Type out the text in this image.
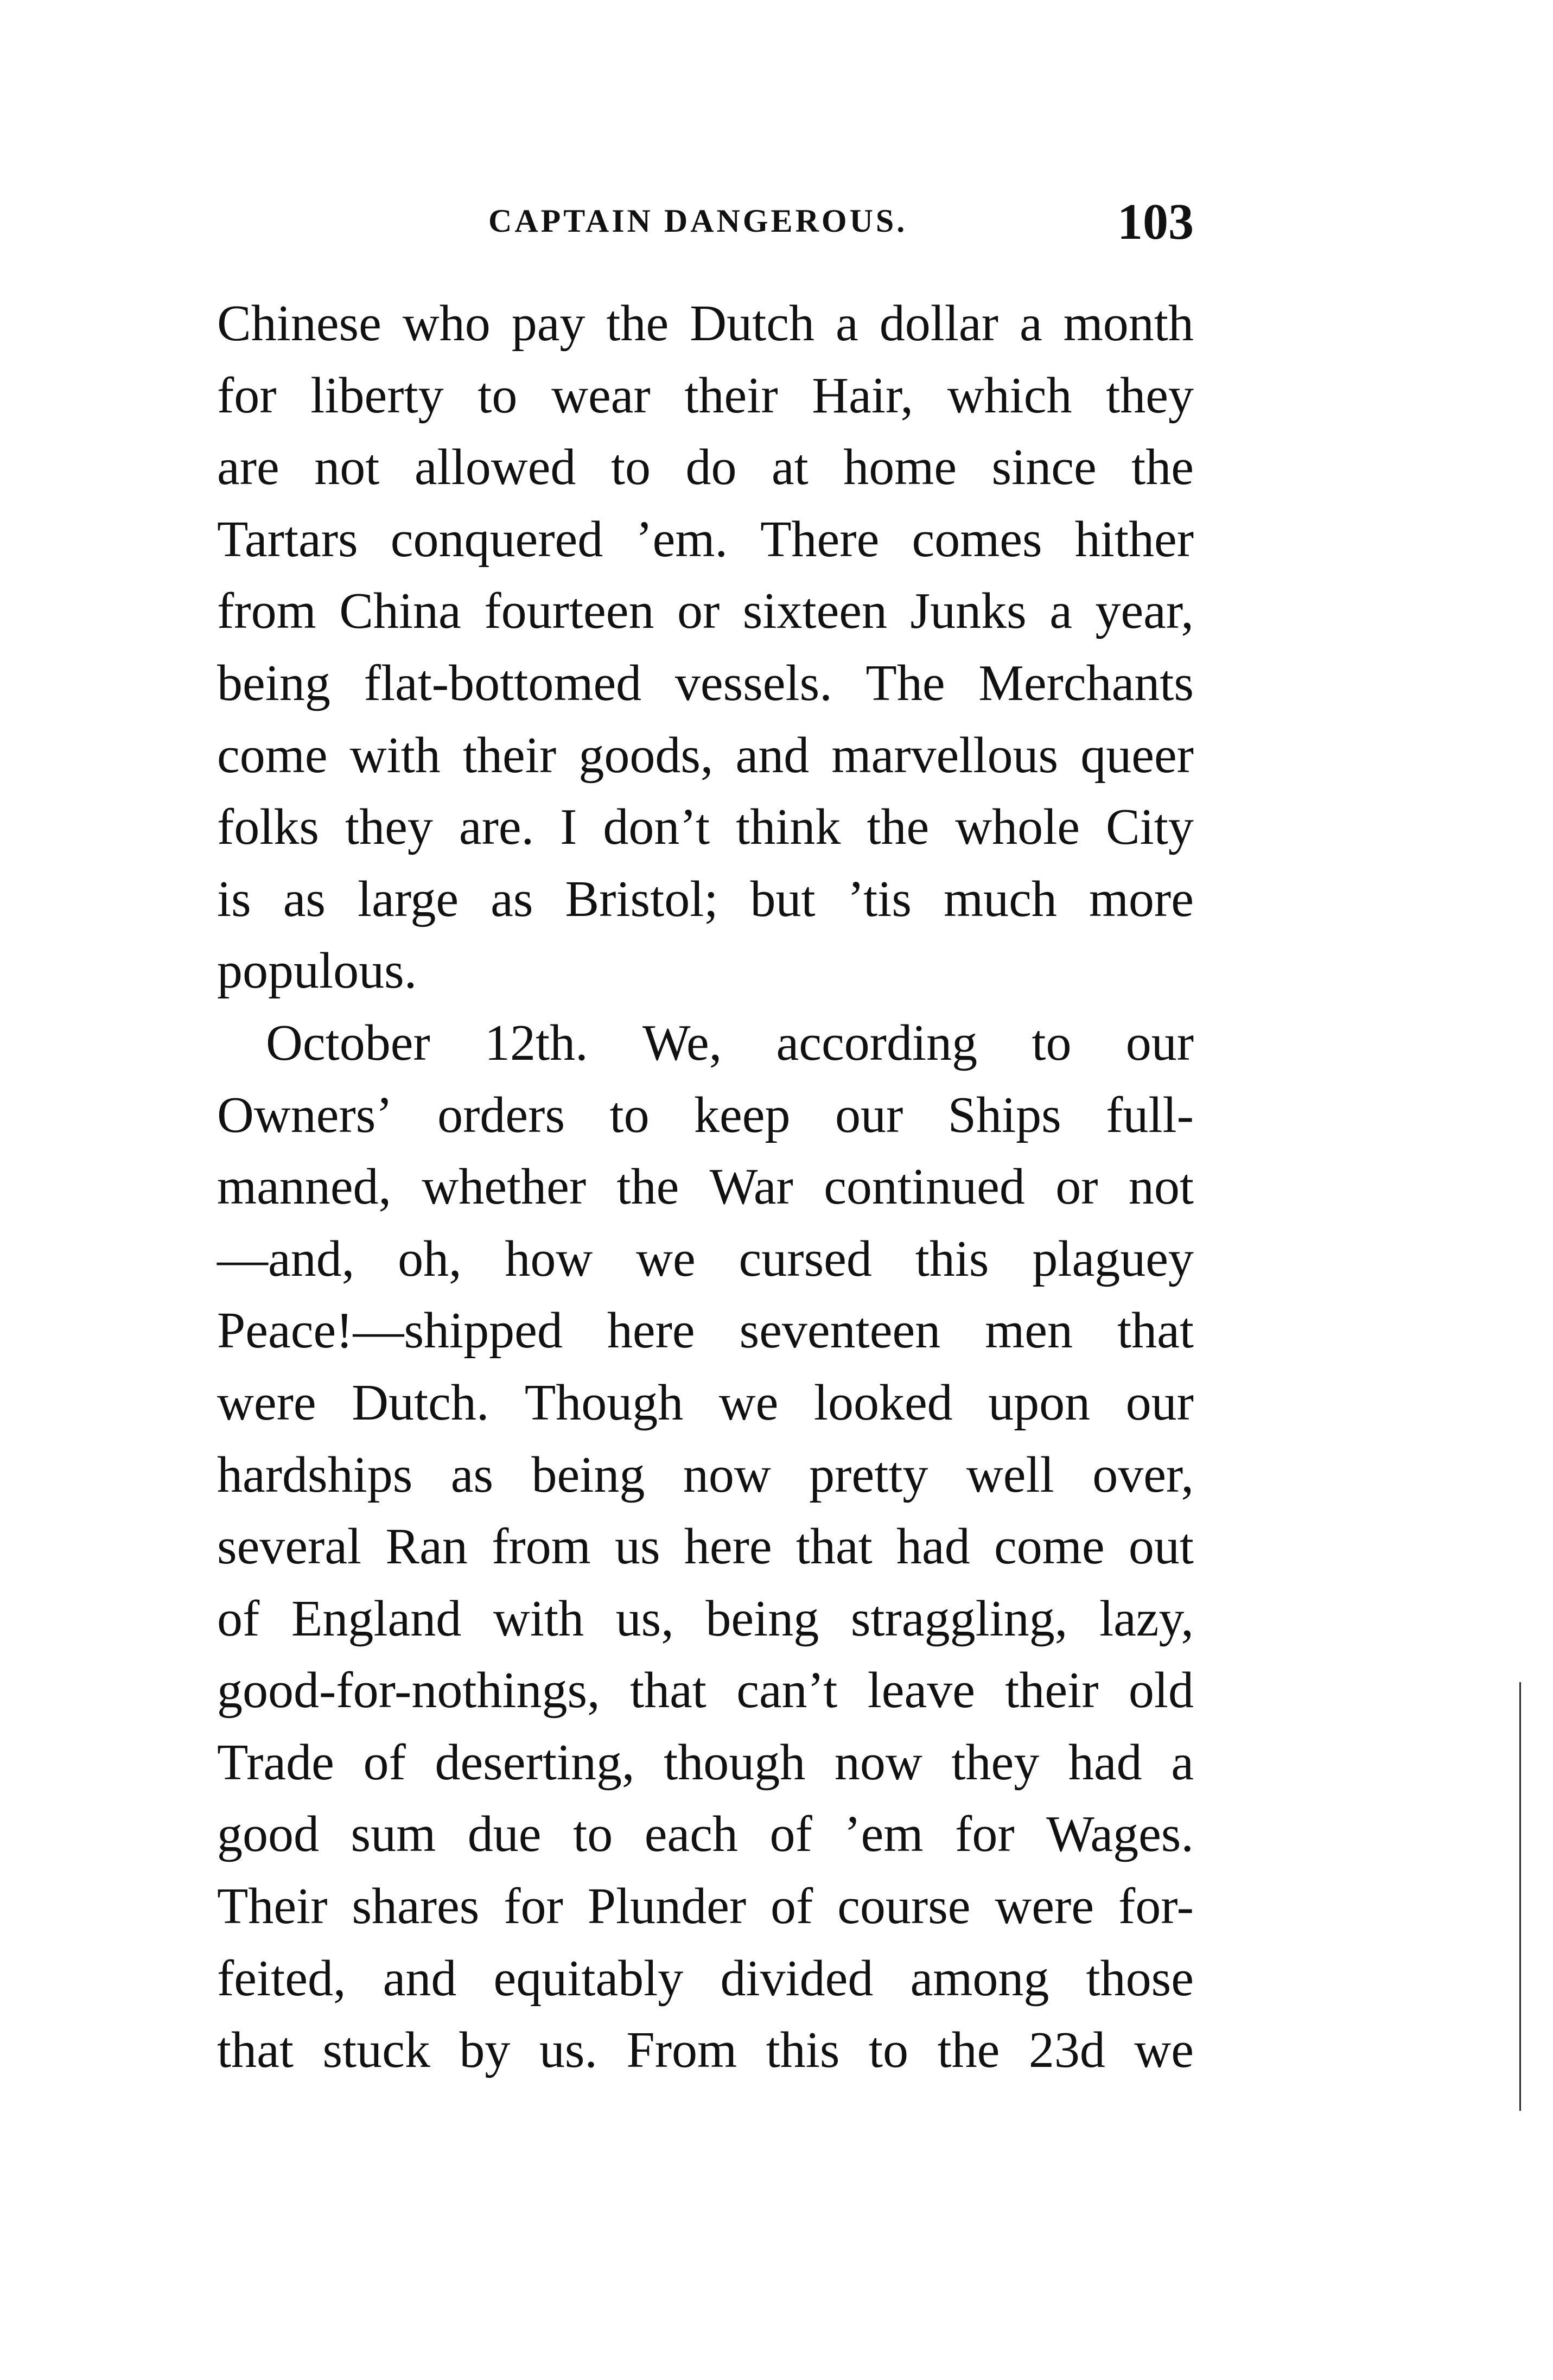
CAPTAIN DANGEROUS.	103
Chinese who pay the Dutch a dollar a month
for liberty to wear their Hair, which they
are not allowed to do at home since the
Tartars conquered ’em. There comes hither
from China fourteen or sixteen Junks a year,
being flat-bottomed vessels. The Merchants
come with their goods, and marvellous queer
folks they are. I don’t think the whole City
is as large as Bristol; but ’tis much more
populous.
October 12th. We, according to our
Owners’ orders to keep our Ships full-
manned, whether the War continued or not
—and, oh, how we cursed this plaguey
Peace!—shipped here seventeen men that
were Dutch. Though we looked upon our
hardships as being now pretty well over,
several Ran from us here that had come out
of England with us, being straggling, lazy,
good-for-nothings, that can’t leave their old
Trade of deserting, though now they had a
good sum due to each of ’em for Wages.
Their shares for Plunder of course were for-
feited, and equitably divided among those
that stuck by us. From this to the 23d we
